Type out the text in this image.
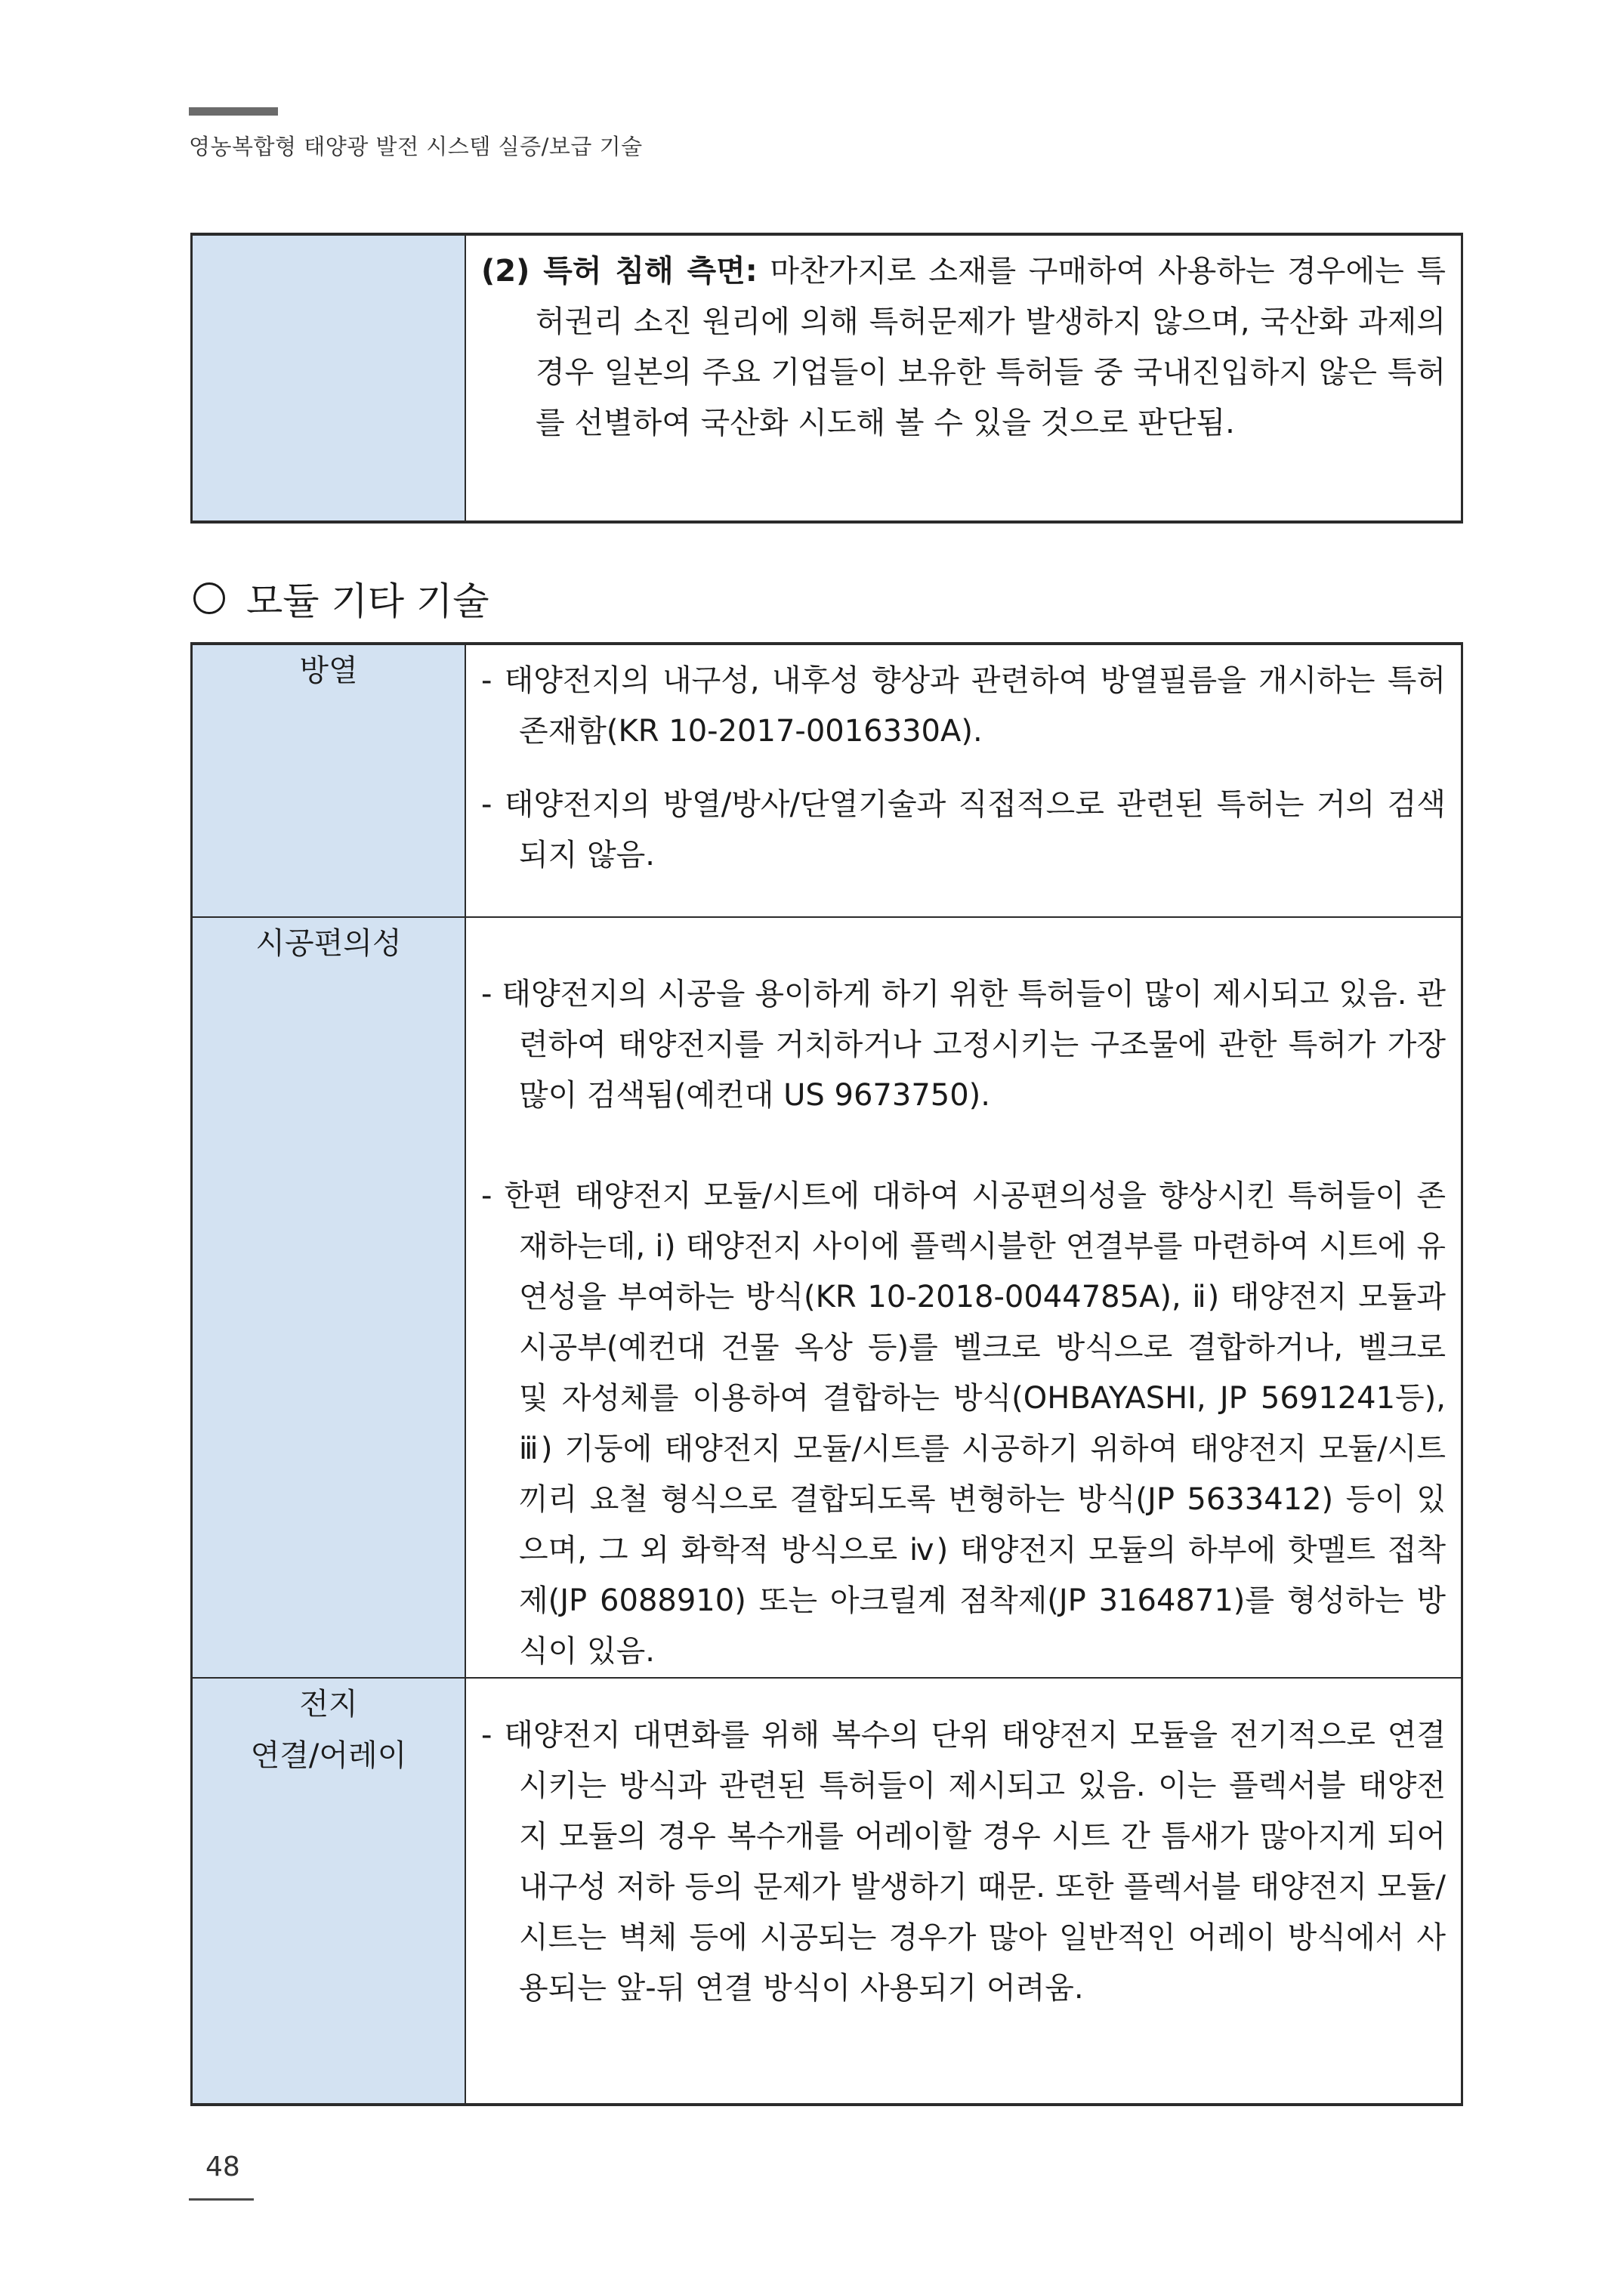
영농복합형 태양광 발전 시스템 실증/보급 기술

(2) 특허 침해 측면: 마찬가지로 소재를 구매하여 사용하는 경우에는 특허권리 소진 원리에 의해 특허문제가 발생하지 않으며, 국산화 과제의 경우 일본의 주요 기업들이 보유한 특허들 중 국내진입하지 않은 특허를 선별하여 국산화 시도해 볼 수 있을 것으로 판단됨.
모듈 기타 기술
방열	- 태양전지의 내구성, 내후성 향상과 관련하여 방열필름을 개시하는 특허 존재함(KR 10-2017-0016330A).
- 태양전지의 방열/방사/단열기술과 직접적으로 관련된 특허는 거의 검색되지 않음.

시공편의성	- 태양전지의 시공을 용이하게 하기 위한 특허들이 많이 제시되고 있음. 관련하여 태양전지를 거치하거나 고정시키는 구조물에 관한 특허가 가장 많이 검색됨(예컨대 US 9673750).
- 한편 태양전지 모듈/시트에 대하여 시공편의성을 향상시킨 특허들이 존재하는데, ⅰ) 태양전지 사이에 플렉시블한 연결부를 마련하여 시트에 유연성을 부여하는 방식(KR 10-2018-0044785A), ⅱ) 태양전지 모듈과 시공부(예컨대 건물 옥상 등)를 벨크로 방식으로 결합하거나, 벨크로 및 자성체를 이용하여 결합하는 방식(OHBAYASHI, JP 5691241등), ⅲ) 기둥에 태양전지 모듈/시트를 시공하기 위하여 태양전지 모듈/시트끼리 요철 형식으로 결합되도록 변형하는 방식(JP 5633412) 등이 있으며, 그 외 화학적 방식으로 ⅳ) 태양전지 모듈의 하부에 핫멜트 접착제(JP 6088910) 또는 아크릴계 점착제(JP 3164871)를 형성하는 방식이 있음.

전지
연결/어레이	- 태양전지 대면화를 위해 복수의 단위 태양전지 모듈을 전기적으로 연결시키는 방식과 관련된 특허들이 제시되고 있음. 이는 플렉서블 태양전지 모듈의 경우 복수개를 어레이할 경우 시트 간 틈새가 많아지게 되어 내구성 저하 등의 문제가 발생하기 때문. 또한 플렉서블 태양전지 모듈/시트는 벽체 등에 시공되는 경우가 많아 일반적인 어레이 방식에서 사용되는 앞-뒤 연결 방식이 사용되기 어려움.
48
